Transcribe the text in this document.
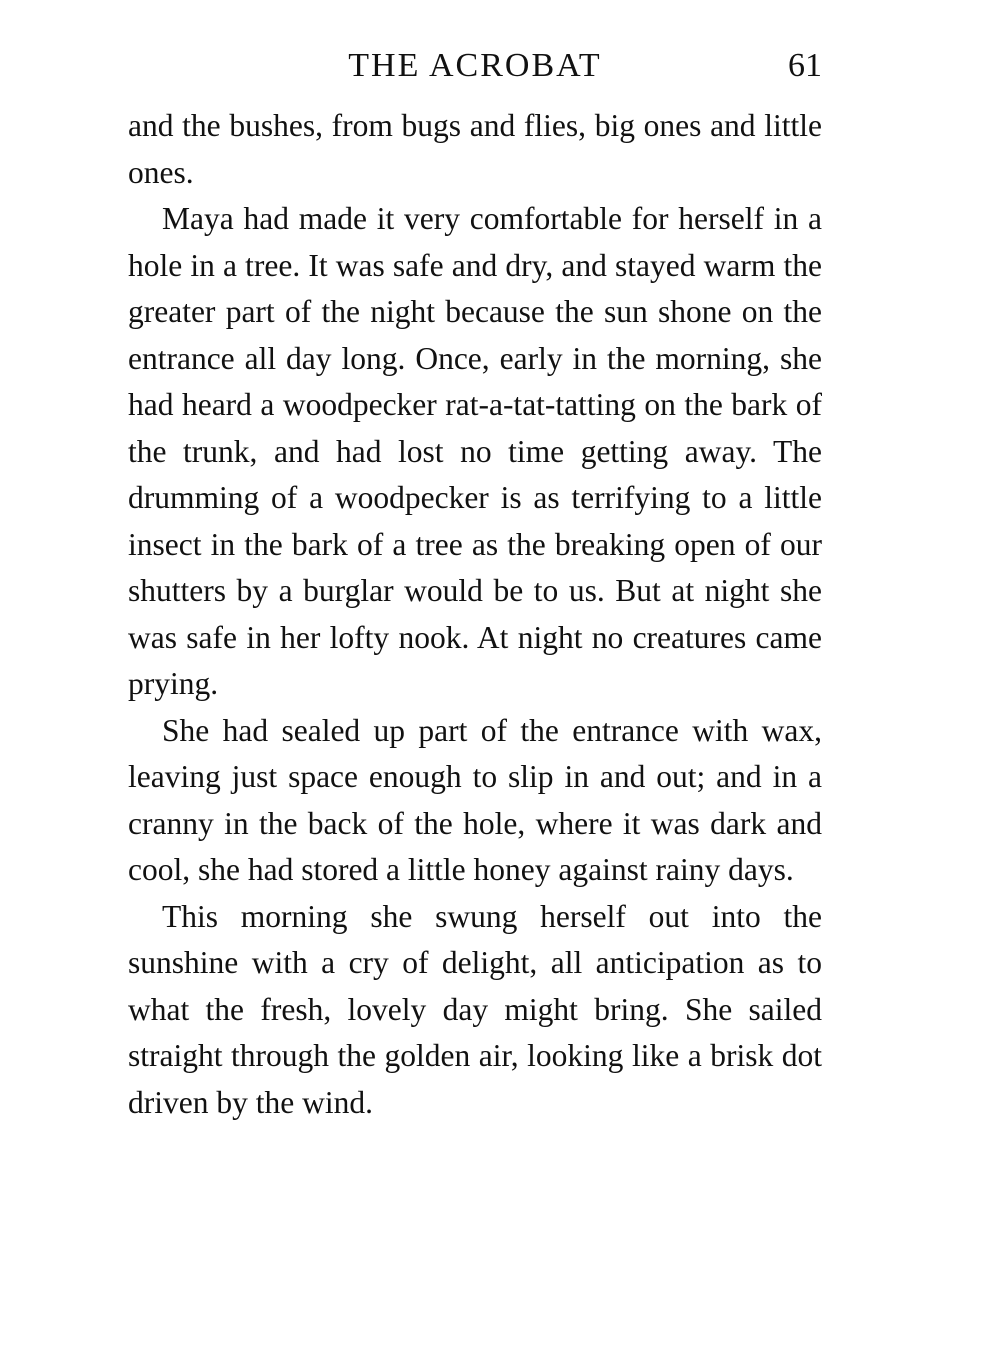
THE ACROBAT	61

and the bushes, from bugs and flies, big ones and little ones.

Maya had made it very comfortable for herself in a hole in a tree. It was safe and dry, and stayed warm the greater part of the night because the sun shone on the entrance all day long. Once, early in the morning, she had heard a woodpecker rat-a-tat-tatting on the bark of the trunk, and had lost no time getting away. The drumming of a woodpecker is as terrifying to a little insect in the bark of a tree as the breaking open of our shutters by a burglar would be to us. But at night she was safe in her lofty nook. At night no creatures came prying.

She had sealed up part of the entrance with wax, leaving just space enough to slip in and out; and in a cranny in the back of the hole, where it was dark and cool, she had stored a little honey against rainy days.

This morning she swung herself out into the sunshine with a cry of delight, all anticipation as to what the fresh, lovely day might bring. She sailed straight through the golden air, looking like a brisk dot driven by the wind.
